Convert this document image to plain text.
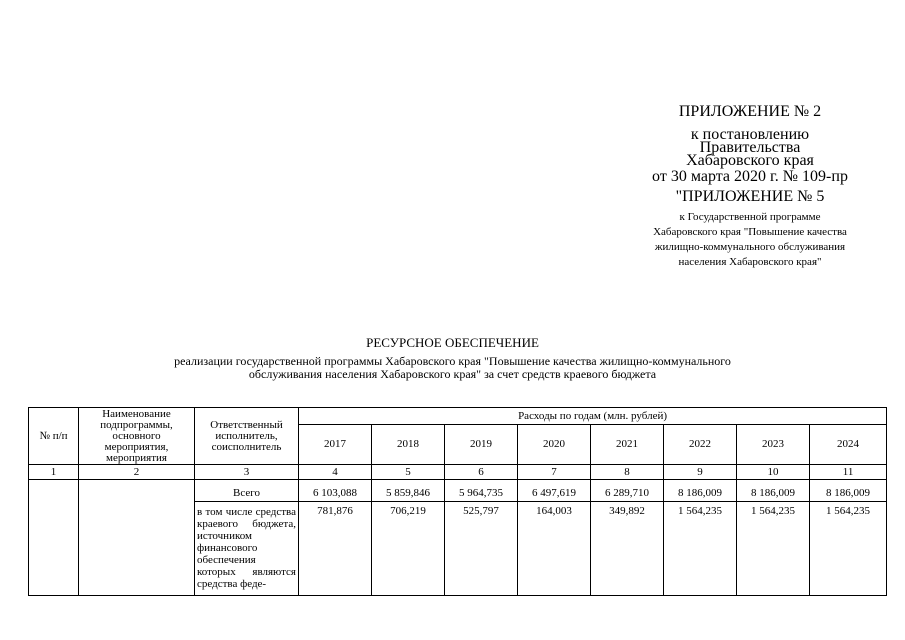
ПРИЛОЖЕНИЕ № 2
к постановлению
Правительства
Хабаровского края
от 30 марта 2020 г. № 109-пр
"ПРИЛОЖЕНИЕ № 5
к Государственной программе
Хабаровского края "Повышение качества
жилищно-коммунального обслуживания
населения Хабаровского края"
РЕСУРСНОЕ ОБЕСПЕЧЕНИЕ
реализации государственной программы Хабаровского края "Повышение качества жилищно-коммунального обслуживания населения Хабаровского края" за счет средств краевого бюджета
№ п/п	Наименование подпрограммы, основного мероприятия, мероприятия	Ответственный исполнитель, соисполнитель	Расходы по годам (млн. рублей)							
			2017	2018	2019	2020	2021	2022	2023	2024
1	2	3	4	5	6	7	8	9	10	11
		Всего	6 103,088	5 859,846	5 964,735	6 497,619	6 289,710	8 186,009	8 186,009	8 186,009
		в том числе средства краевого бюджета, источником финансового обеспечения которых являются средства феде-	781,876	706,219	525,797	164,003	349,892	1 564,235	1 564,235	1 564,235
